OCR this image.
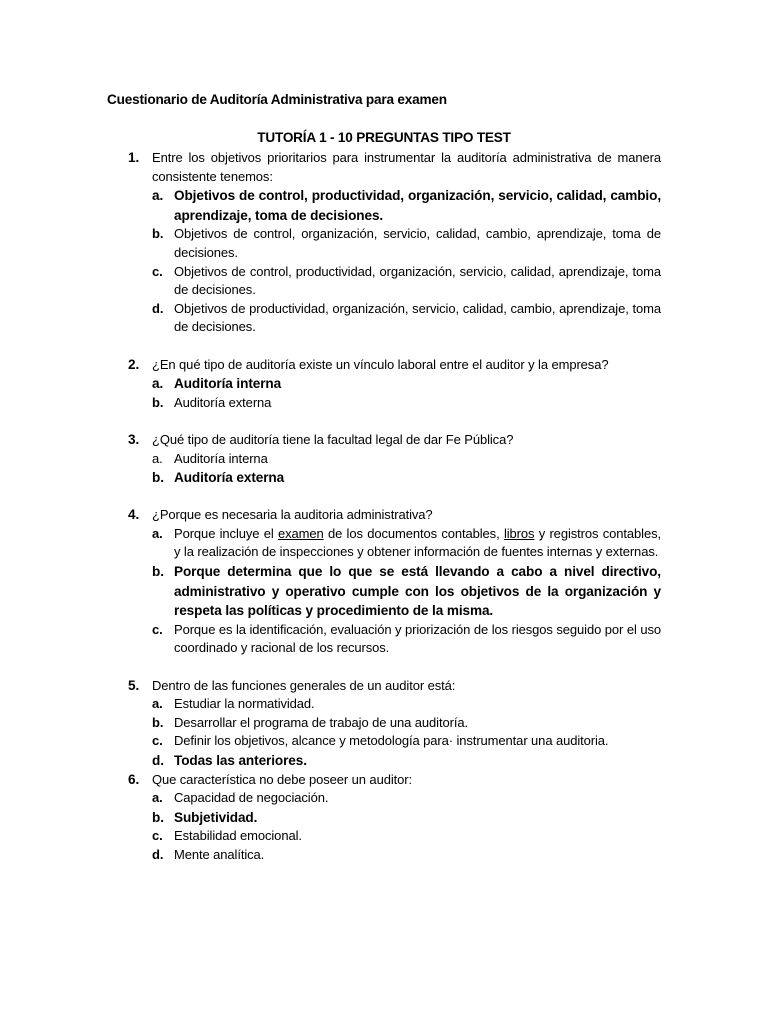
Cuestionario de Auditoría Administrativa para examen
TUTORÍA 1 - 10 PREGUNTAS TIPO TEST
1. Entre los objetivos prioritarios para instrumentar la auditoría administrativa de manera consistente tenemos:
a. Objetivos de control, productividad, organización, servicio, calidad, cambio, aprendizaje, toma de decisiones.
b. Objetivos de control, organización, servicio, calidad, cambio, aprendizaje, toma de decisiones.
c. Objetivos de control, productividad, organización, servicio, calidad, aprendizaje, toma de decisiones.
d. Objetivos de productividad, organización, servicio, calidad, cambio, aprendizaje, toma de decisiones.
2. ¿En qué tipo de auditoría existe un vínculo laboral entre el auditor y la empresa?
a. Auditoría interna
b. Auditoría externa
3. ¿Qué tipo de auditoría tiene la facultad legal de dar Fe Pública?
a. Auditoría interna
b. Auditoría externa
4. ¿Porque es necesaria la auditoria administrativa?
a. Porque incluye el examen de los documentos contables, libros y registros contables, y la realización de inspecciones y obtener información de fuentes internas y externas.
b. Porque determina que lo que se está llevando a cabo a nivel directivo, administrativo y operativo cumple con los objetivos de la organización y respeta las políticas y procedimiento de la misma.
c. Porque es la identificación, evaluación y priorización de los riesgos seguido por el uso coordinado y racional de los recursos.
5. Dentro de las funciones generales de un auditor está:
a. Estudiar la normatividad.
b. Desarrollar el programa de trabajo de una auditoría.
c. Definir los objetivos, alcance y metodología para· instrumentar una auditoria.
d. Todas las anteriores.
6. Que característica no debe poseer un auditor:
a. Capacidad de negociación.
b. Subjetividad.
c. Estabilidad emocional.
d. Mente analítica.
